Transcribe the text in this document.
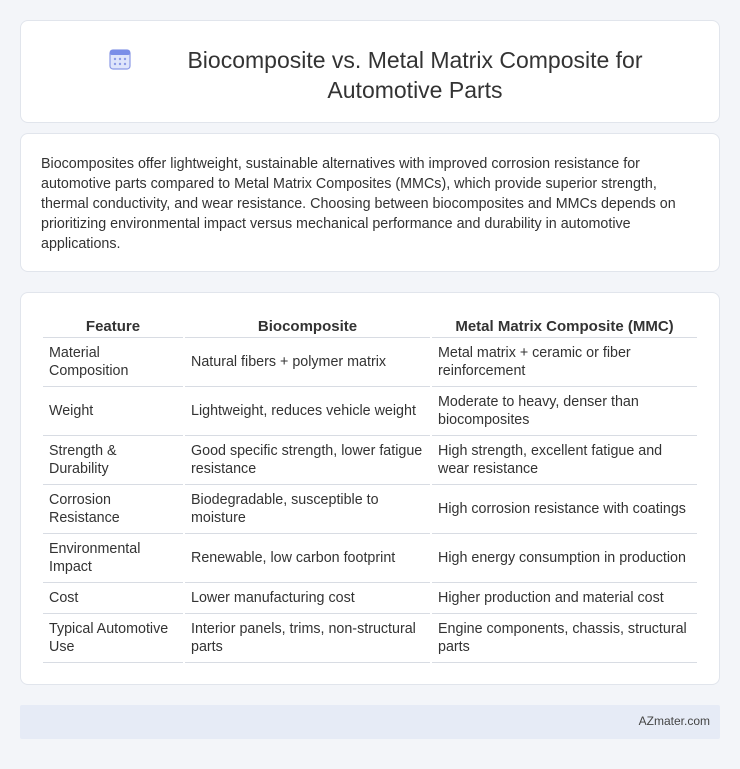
Biocomposite vs. Metal Matrix Composite for
Automotive Parts

Biocomposites offer lightweight, sustainable alternatives with improved corrosion resistance for automotive parts compared to Metal Matrix Composites (MMCs), which provide superior strength, thermal conductivity, and wear resistance. Choosing between biocomposites and MMCs depends on prioritizing environmental impact versus mechanical performance and durability in automotive applications.

Feature	Biocomposite	Metal Matrix Composite (MMC)
Material Composition	Natural fibers + polymer matrix	Metal matrix + ceramic or fiber reinforcement
Weight	Lightweight, reduces vehicle weight	Moderate to heavy, denser than biocomposites
Strength & Durability	Good specific strength, lower fatigue resistance	High strength, excellent fatigue and wear resistance
Corrosion Resistance	Biodegradable, susceptible to moisture	High corrosion resistance with coatings
Environmental Impact	Renewable, low carbon footprint	High energy consumption in production
Cost	Lower manufacturing cost	Higher production and material cost
Typical Automotive Use	Interior panels, trims, non-structural parts	Engine components, chassis, structural parts
AZmater.com
